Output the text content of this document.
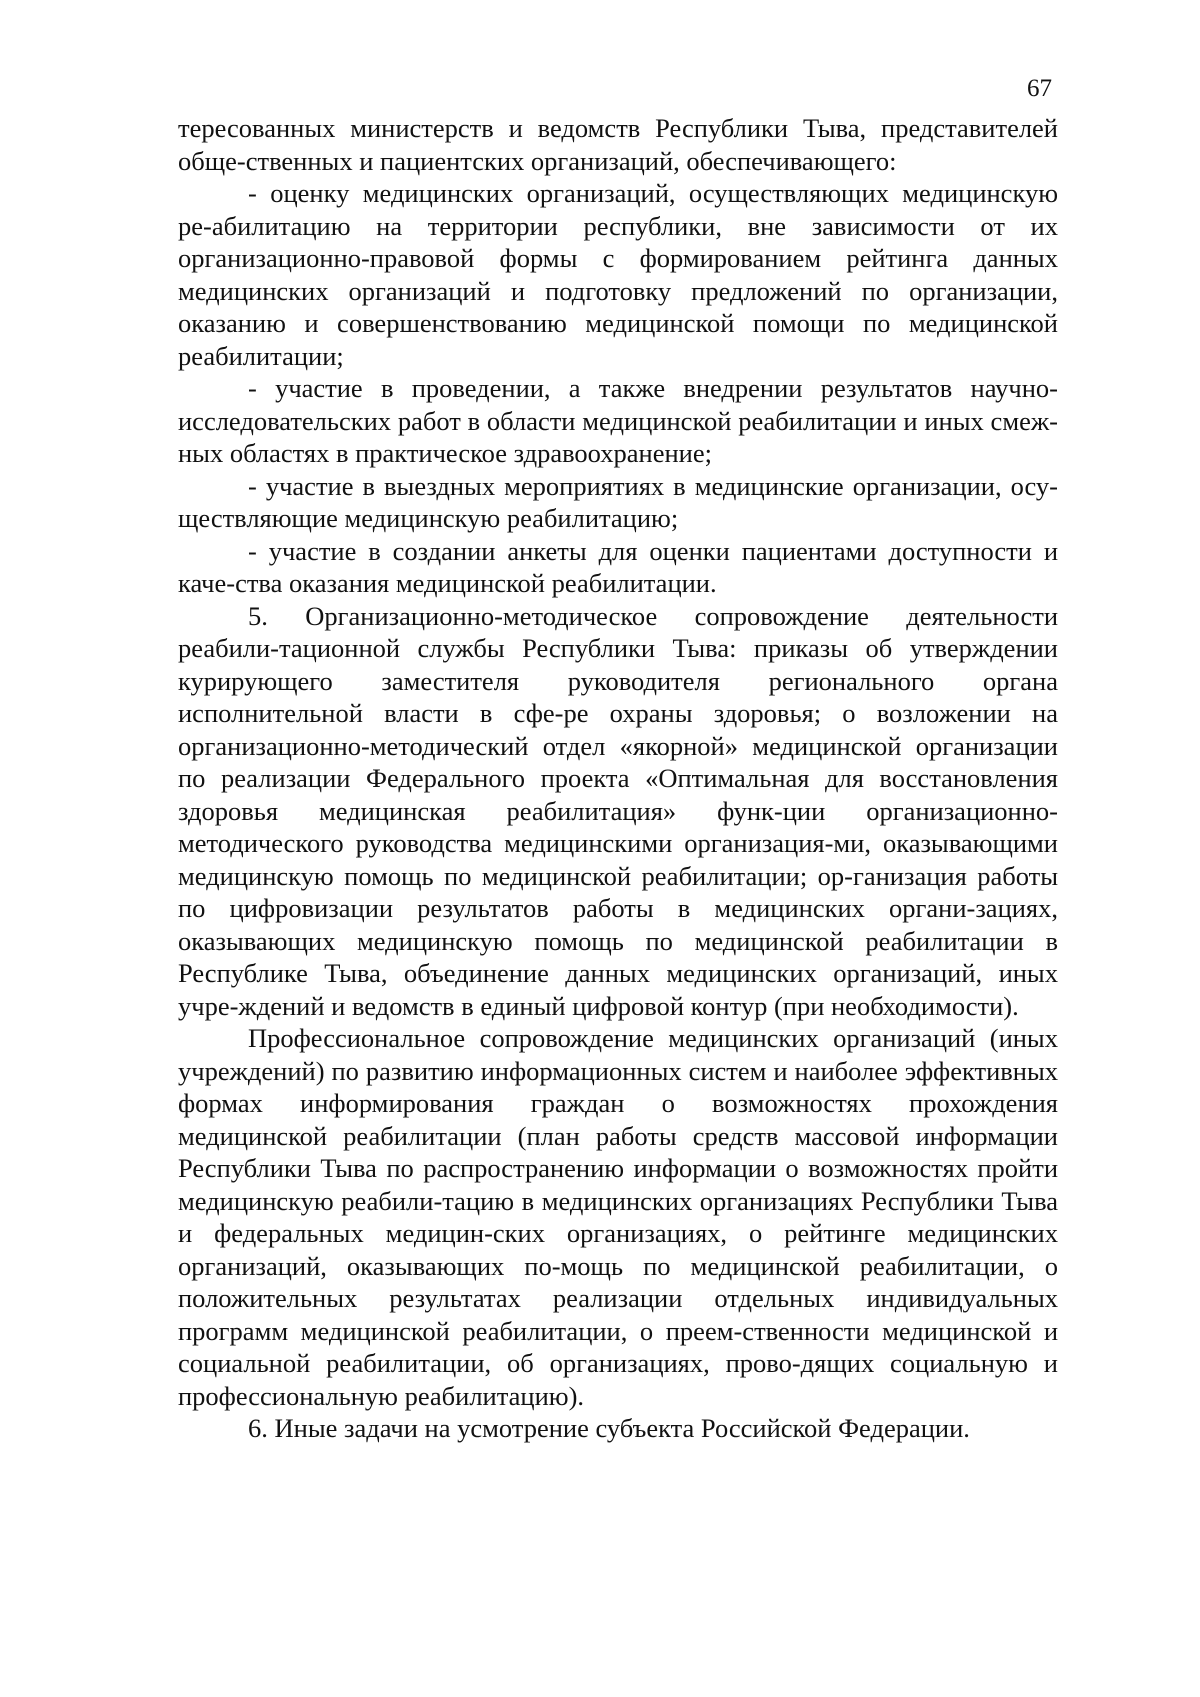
67

тересованных министерств и ведомств Республики Тыва, представителей обще-ственных и пациентских организаций, обеспечивающего:

- оценку медицинских организаций, осуществляющих медицинскую ре-абилитацию на территории республики, вне зависимости от их организационно-правовой формы с формированием рейтинга данных медицинских организаций и подготовку предложений по организации, оказанию и совершенствованию медицинской помощи по медицинской реабилитации;

- участие в проведении, а также внедрении результатов научно-исследовательских работ в области медицинской реабилитации и иных смеж-ных областях в практическое здравоохранение;

- участие в выездных мероприятиях в медицинские организации, осу-ществляющие медицинскую реабилитацию;

- участие в создании анкеты для оценки пациентами доступности и каче-ства оказания медицинской реабилитации.

5. Организационно-методическое сопровождение деятельности реабили-тационной службы Республики Тыва: приказы об утверждении курирующего заместителя руководителя регионального органа исполнительной власти в сфе-ре охраны здоровья; о возложении на организационно-методический отдел «якорной» медицинской организации по реализации Федерального проекта «Оптимальная для восстановления здоровья медицинская реабилитация» функ-ции организационно-методического руководства медицинскими организация-ми, оказывающими медицинскую помощь по медицинской реабилитации; ор-ганизация работы по цифровизации результатов работы в медицинских органи-зациях, оказывающих медицинскую помощь по медицинской реабилитации в Республике Тыва, объединение данных медицинских организаций, иных учре-ждений и ведомств в единый цифровой контур (при необходимости).

Профессиональное сопровождение медицинских организаций (иных учреждений) по развитию информационных систем и наиболее эффективных формах информирования граждан о возможностях прохождения медицинской реабилитации (план работы средств массовой информации Республики Тыва по распространению информации о возможностях пройти медицинскую реабили-тацию в медицинских организациях Республики Тыва и федеральных медицин-ских организациях, о рейтинге медицинских организаций, оказывающих по-мощь по медицинской реабилитации, о положительных результатах реализации отдельных индивидуальных программ медицинской реабилитации, о преем-ственности медицинской и социальной реабилитации, об организациях, прово-дящих социальную и профессиональную реабилитацию).

6. Иные задачи на усмотрение субъекта Российской Федерации.
